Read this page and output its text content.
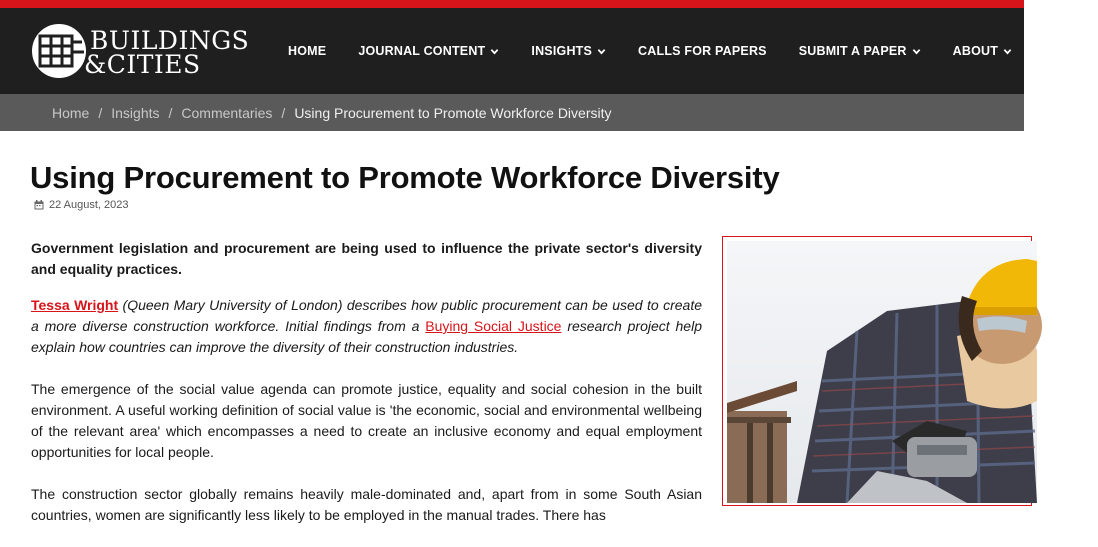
BUILDINGS
&CITIES	HOME	JOURNAL CONTENT	INSIGHTS	CALLS FOR PAPERS	SUBMIT A PAPER	ABOUT	最新同
Home / Insights / Commentaries / Using Procurement to Promote Workforce Diversity
Using Procurement to Promote Workforce Diversity
22 August, 2023

Government legislation and procurement are being used to influence the private sector's diversity and equality practices.

Tessa Wright (Queen Mary University of London) describes how public procurement can be used to create a more diverse construction workforce. Initial findings from a Buying Social Justice research project help explain how countries can improve the diversity of their construction industries.

The emergence of the social value agenda can promote justice, equality and social cohesion in the built environment. A useful working definition of social value is 'the economic, social and environmental wellbeing of the relevant area' which encompasses a need to create an inclusive economy and equal employment opportunities for local people.

The construction sector globally remains heavily male-dominated and, apart from in some South Asian countries, women are significantly less likely to be employed in the manual trades. There has
